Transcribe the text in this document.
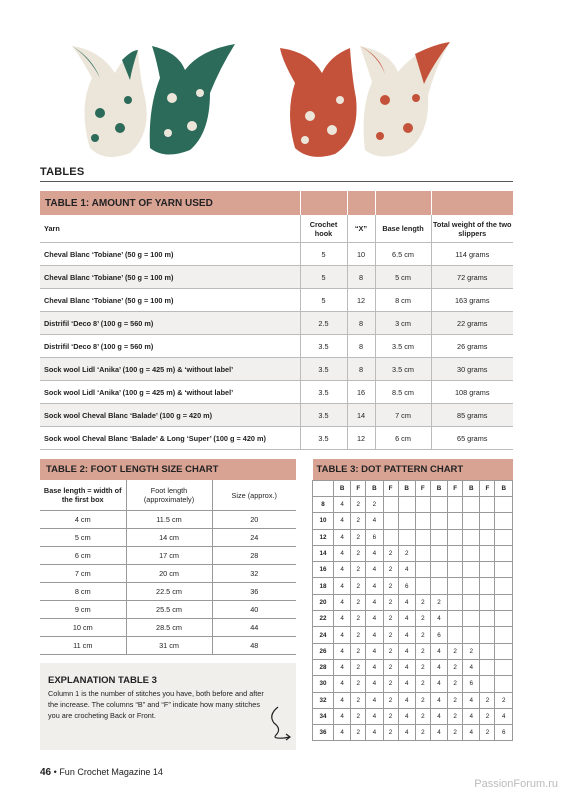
TABLES
TABLE 1: AMOUNT OF YARN USED				
Yarn	Crochet hook	“X”	Base length	Total weight of the two slippers
Cheval Blanc ‘Tobiane’ (50 g = 100 m)	5	10	6.5 cm	114 grams
Cheval Blanc ‘Tobiane’ (50 g = 100 m)	5	8	5 cm	72 grams
Cheval Blanc ‘Tobiane’ (50 g = 100 m)	5	12	8 cm	163 grams
Distrifil ‘Deco 8’ (100 g = 560 m)	2.5	8	3 cm	22 grams
Distrifil ‘Deco 8’ (100 g = 560 m)	3.5	8	3.5 cm	26 grams
Sock wool Lidl ‘Anika’ (100 g = 425 m) & ‘without label’	3.5	8	3.5 cm	30 grams
Sock wool Lidl ‘Anika’ (100 g = 425 m) & ‘without label’	3.5	16	8.5 cm	108 grams
Sock wool Cheval Blanc ‘Balade’ (100 g = 420 m)	3.5	14	7 cm	85 grams
Sock wool Cheval Blanc ‘Balade’ & Long ‘Super’ (100 g = 420 m)	3.5	12	6 cm	65 grams
TABLE 2: FOOT LENGTH SIZE CHART		
Base length = width of the first box	Foot length (approximately)	Size (approx.)
4 cm	11.5 cm	20
5 cm	14 cm	24
6 cm	17 cm	28
7 cm	20 cm	32
8 cm	22.5 cm	36
9 cm	25.5 cm	40
10 cm	28.5 cm	44
11 cm	31 cm	48
TABLE 3: DOT PATTERN CHART											
	B	F	B	F	B	F	B	F	B	F	B
8	4	2	2								
10	4	2	4								
12	4	2	6								
14	4	2	4	2	2						
16	4	2	4	2	4						
18	4	2	4	2	6						
20	4	2	4	2	4	2	2				
22	4	2	4	2	4	2	4				
24	4	2	4	2	4	2	6				
26	4	2	4	2	4	2	4	2	2		
28	4	2	4	2	4	2	4	2	4		
30	4	2	4	2	4	2	4	2	6		
32	4	2	4	2	4	2	4	2	4	2	2
34	4	2	4	2	4	2	4	2	4	2	4
36	4	2	4	2	4	2	4	2	4	2	6
EXPLANATION TABLE 3
Column 1 is the number of stitches you have, both before and after the increase. The columns “B” and “F” indicate how many stitches you are crocheting Back or Front.
46 • Fun Crochet Magazine 14
PassionForum.ru
